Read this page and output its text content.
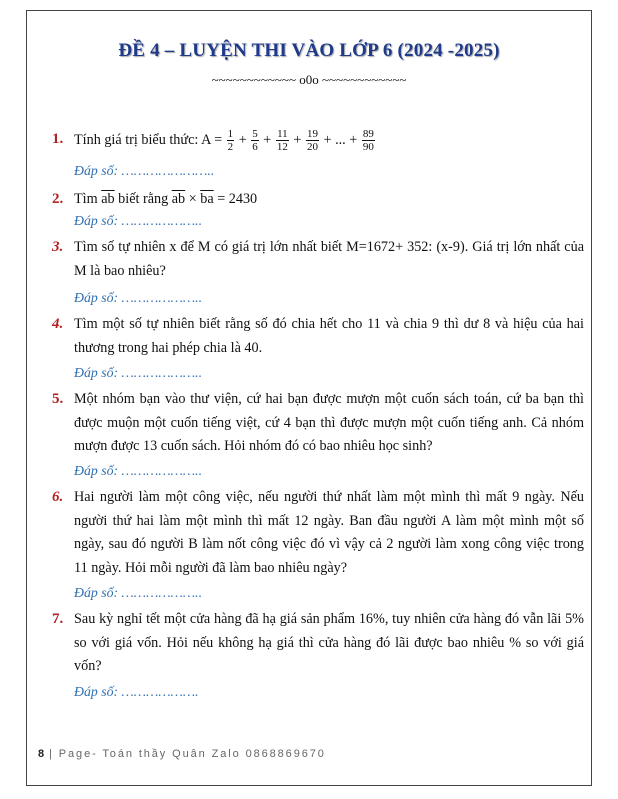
ĐỀ 4 – LUYỆN THI VÀO LỚP 6 (2024 -2025)
~~~~~~~~~~~~ o0o ~~~~~~~~~~~~
1. Tính giá trị biểu thức: $A = \frac{1}{2} + \frac{5}{6} + \frac{11}{12} + \frac{19}{20}$ + ... + $\frac{89}{90}$
Đáp số: …………………..
2. Tìm $\overline{ab}$ biết rằng $\overline{ab} \times \overline{ba} = 2430$
Đáp số: ………………..
3. Tìm số tự nhiên x để M có giá trị lớn nhất biết M=1672+ 352: (x-9). Giá trị lớn nhất của M là bao nhiêu?
Đáp số: ………………..
4. Tìm một số tự nhiên biết rằng số đó chia hết cho 11 và chia 9 thì dư 8 và hiệu của hai thương trong hai phép chia là 40.
Đáp số: ………………..
5. Một nhóm bạn vào thư viện, cứ hai bạn được mượn một cuốn sách toán, cứ ba bạn thì được muộn một cuốn tiếng việt, cứ 4 bạn thì được mượn một cuốn tiếng anh. Cả nhóm mượn được 13 cuốn sách. Hỏi nhóm đó có bao nhiêu học sinh?
Đáp số: ………………..
6. Hai người làm một công việc, nếu người thứ nhất làm một mình thì mất 9 ngày. Nếu người thứ hai làm một mình thì mất 12 ngày. Ban đầu người A làm một mình một số ngày, sau đó người B làm nốt công việc đó vì vậy cả 2 người làm xong công việc trong 11 ngày. Hỏi mỗi người đã làm bao nhiêu ngày?
Đáp số: ………………..
7. Sau kỳ nghỉ tết một cửa hàng đã hạ giá sản phẩm 16%, tuy nhiên cửa hàng đó vẫn lãi 5% so với giá vốn. Hỏi nếu không hạ giá thì cửa hàng đó lãi được bao nhiêu % so với giá vốn?
Đáp số: ……………….
8 | Page- Toán thầy Quân Zalo 0868869670
